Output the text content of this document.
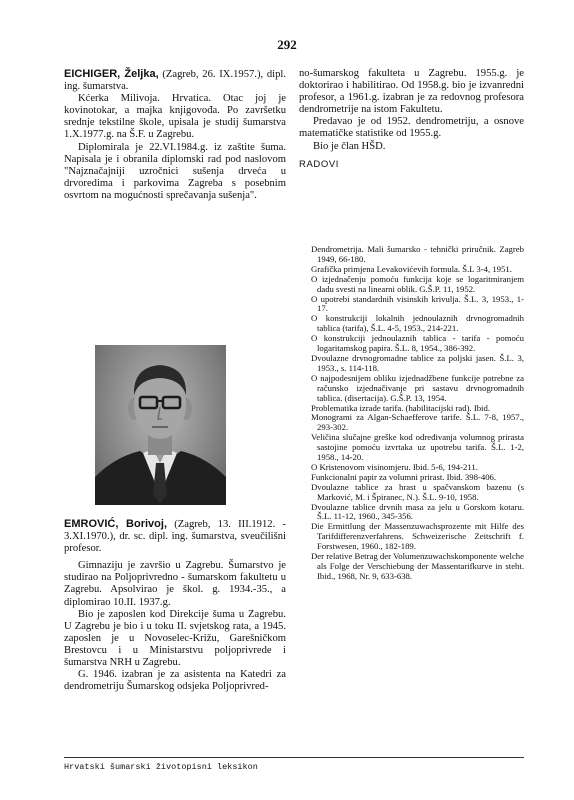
292

EICHIGER, Željka, (Zagreb, 26. IX.1957.), dipl. ing. šumarstva.

Kćerka Milivoja. Hrvatica. Otac joj je kovinotokar, a majka knjigovođa. Po završetku srednje tekstilne škole, upisala je studij šumarstva 1.X.1977.g. na Š.F. u Zagrebu.

Diplomirala je 22.VI.1984.g. iz zaštite šuma. Napisala je i obranila diplomski rad pod naslovom "Najznačajniji uzročnici sušenja drveća u drvoredima i parkovima Zagreba s posebnim osvrtom na mogućnosti sprečavanja sušenja".

EMROVIĆ, Borivoj, (Zagreb, 13. III.1912. - 3.XI.1970.), dr. sc. dipl. ing. šumarstva, sveučilišni profesor.

Gimnaziju je završio u Zagrebu. Šumarstvo je studirao na Poljoprivredno - šumarskom fakultetu u Zagrebu. Apsolvirao je škol. g. 1934.-35., a diplomirao 10.II. 1937.g.

Bio je zaposlen kod Direkcije šuma u Zagrebu. U Zagrebu je bio i u toku II. svjetskog rata, a 1945. zaposlen je u Novoselec-Križu, Garešničkom Brestovcu i u Ministarstvu poljoprivrede i šumarstva NRH u Zagrebu.

G. 1946. izabran je za asistenta na Katedri za dendrometriju Šumarskog odsjeka Poljoprivred-

no-šumarskog fakulteta u Zagrebu. 1955.g. je doktorirao i habilitirao. Od 1958.g. bio je izvanredni profesor, a 1961.g. izabran je za redovnog profesora dendrometrije na istom Fakultetu.

Predavao je od 1952. dendrometriju, a osnove matematičke statistike od 1955.g.

Bio je član HŠD.

RADOVI

Dendrometrija. Mali šumarsko - tehnički priručnik. Zagreb 1949, 66-180.

Grafička primjena Levakovićevih formula. Š.L 3-4, 1951.

O izjednačenju pomoću funkcija koje se logaritmiranjem dadu svesti na linearni oblik. G.Š.P. 11, 1952.

O upotrebi standardnih visinskih krivulja. Š.L. 3, 1953., 1-17.

O konstrukciji lokalnih jednoulaznih drvnogromadnih tablica (tarifa), Š.L. 4-5, 1953., 214-221.

O konstrukciji jednoulaznih tablica - tarifa - pomoću logaritamskog papira. Š.L. 8, 1954., 386-392.

Dvoulazne drvnogromadne tablice za poljski jasen. Š.L. 3, 1953., s. 114-118.

O najpodesnijem obliku izjednadžbene funkcije potrebne za računsko izjednačivanje pri sastavu drvnogromadnih tablica. (disertacija). G.Š.P. 13, 1954.

Problematika izrade tarifa. (habilitacijski rad). Ibid.

Monogrami za Algan-Schaefferove tarife. Š.L. 7-8, 1957., 293-302.

Veličina slučajne greške kod određivanja volumnog prirasta sastojine pomoću izvrtaka uz upotrebu tarifa. Š.L. 1-2, 1958., 14-20.

O Kristenovom visinomjeru. Ibid. 5-6, 194-211.

Funkcionalni papir za volumni prirast. Ibid. 398-406.

Dvoulazne tablice za hrast u spačvanskom bazenu (s Marković, M. i Špiranec, N.). Š.L. 9-10, 1958.

Dvoulazne tablice drvnih masa za jelu u Gorskom kotaru. Š.L. 11-12, 1960., 345-356.

Die Ermittlung der Massenzuwachsprozente mit Hilfe des Tarifdifferenzverfahrens. Schweizerische Zeitschrift f. Forstwesen, 1960., 182-189.

Der relative Betrag der Volumenzuwachskomponente welche als Folge der Verschiebung der Massentarifkurve in steht. Ibid., 1968, Nr. 9, 633-638.

Hrvatski šumarski životopisni leksikon
